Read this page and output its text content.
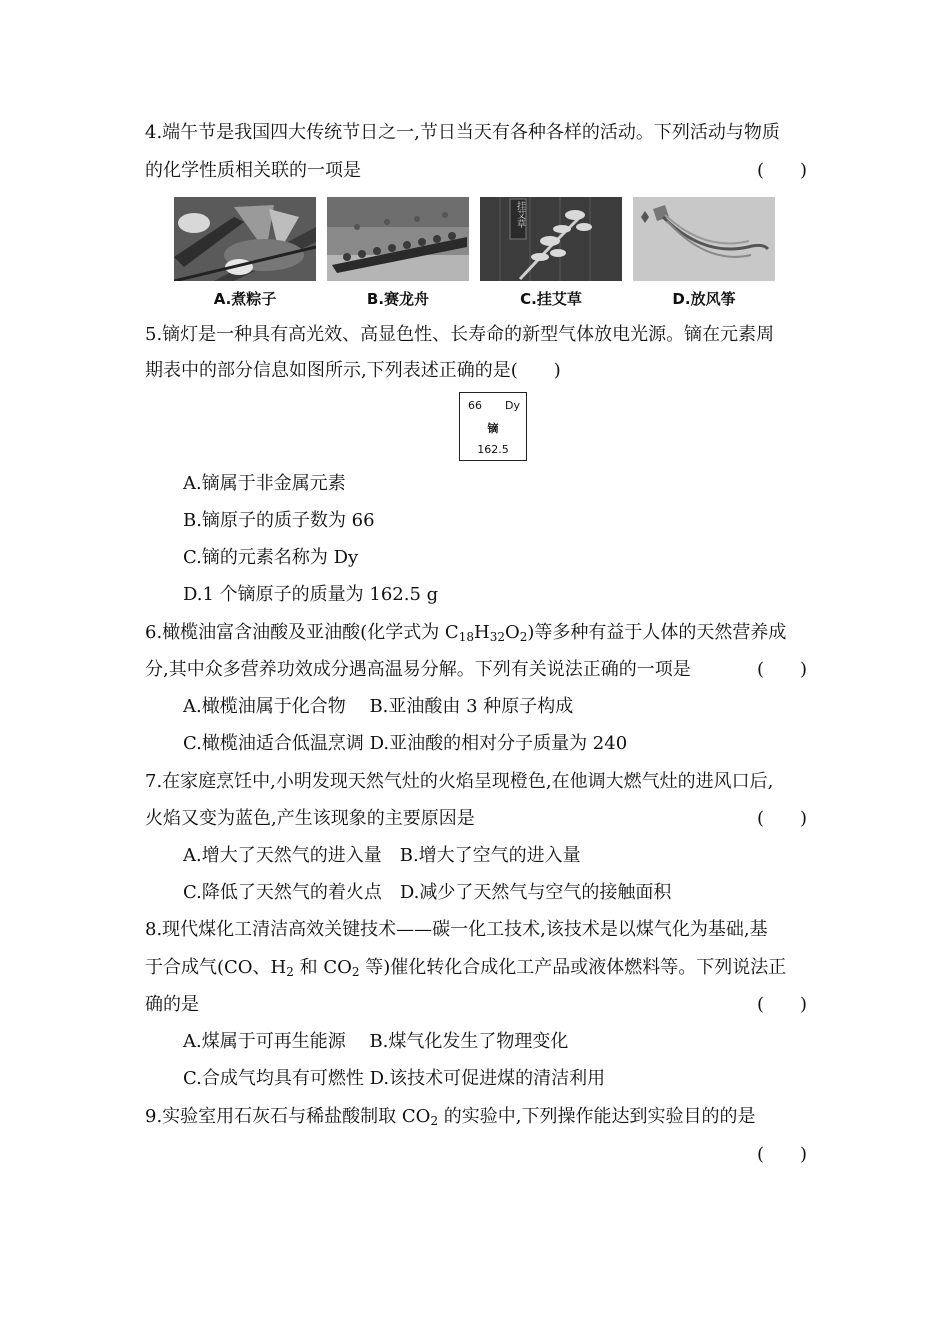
4.端午节是我国四大传统节日之一,节日当天有各种各样的活动。下列活动与物质
的化学性质相关联的一项是	(　　)
A.煮粽子	B.赛龙舟
挂艾草
C.挂艾草	D.放风筝
5.镝灯是一种具有高光效、高显色性、长寿命的新型气体放电光源。镝在元素周
期表中的部分信息如图所示,下列表述正确的是(　　)
66 Dy
镝
162.5
A.镝属于非金属元素
B.镝原子的质子数为 66
C.镝的元素名称为 Dy
D.1 个镝原子的质量为 162.5 g
6.橄榄油富含油酸及亚油酸(化学式为 $C_{18}H_{32}O_2$)等多种有益于人体的天然营养成
分,其中众多营养功效成分遇高温易分解。下列有关说法正确的一项是	(　　)
A.橄榄油属于化合物　 B.亚油酸由 3 种原子构成
C.橄榄油适合低温烹调 D.亚油酸的相对分子质量为 240
7.在家庭烹饪中,小明发现天然气灶的火焰呈现橙色,在他调大燃气灶的进风口后,
火焰又变为蓝色,产生该现象的主要原因是	(　　)
A.增大了天然气的进入量　B.增大了空气的进入量
C.降低了天然气的着火点　D.减少了天然气与空气的接触面积
8.现代煤化工清洁高效关键技术——碳一化工技术,该技术是以煤气化为基础,基
于合成气(CO、$H_2$ 和 $CO_2$ 等)催化转化合成化工产品或液体燃料等。下列说法正
确的是	(　　)
A.煤属于可再生能源　 B.煤气化发生了物理变化
C.合成气均具有可燃性 D.该技术可促进煤的清洁利用
9.实验室用石灰石与稀盐酸制取 $CO_2$ 的实验中,下列操作能达到实验目的的是
(　　)
